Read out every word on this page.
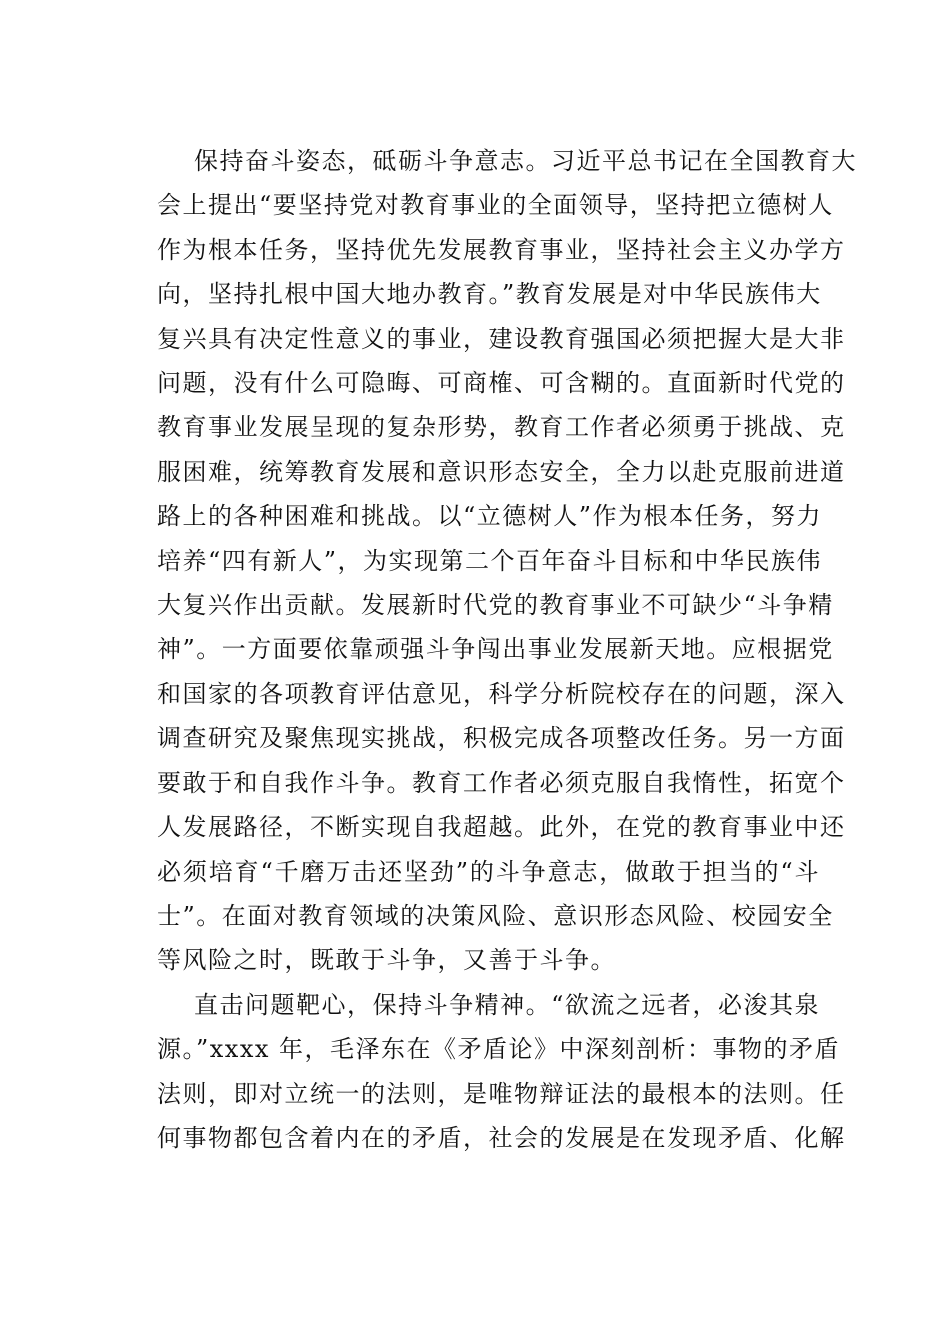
保持奋斗姿态，砥砺斗争意志。习近平总书记在全国教育大
会上提出“要坚持党对教育事业的全面领导，坚持把立德树人
作为根本任务，坚持优先发展教育事业，坚持社会主义办学方
向，坚持扎根中国大地办教育。”教育发展是对中华民族伟大
复兴具有决定性意义的事业，建设教育强国必须把握大是大非
问题，没有什么可隐晦、可商榷、可含糊的。直面新时代党的
教育事业发展呈现的复杂形势，教育工作者必须勇于挑战、克
服困难，统筹教育发展和意识形态安全，全力以赴克服前进道
路上的各种困难和挑战。以“立德树人”作为根本任务，努力
培养“四有新人”，为实现第二个百年奋斗目标和中华民族伟
大复兴作出贡献。发展新时代党的教育事业不可缺少“斗争精
神”。一方面要依靠顽强斗争闯出事业发展新天地。应根据党
和国家的各项教育评估意见，科学分析院校存在的问题，深入
调查研究及聚焦现实挑战，积极完成各项整改任务。另一方面
要敢于和自我作斗争。教育工作者必须克服自我惰性，拓宽个
人发展路径，不断实现自我超越。此外，在党的教育事业中还
必须培育“千磨万击还坚劲”的斗争意志，做敢于担当的“斗
士”。在面对教育领域的决策风险、意识形态风险、校园安全
等风险之时，既敢于斗争，又善于斗争。
直击问题靶心，保持斗争精神。“欲流之远者，必浚其泉
源。”xxxx 年，毛泽东在《矛盾论》中深刻剖析：事物的矛盾
法则，即对立统一的法则，是唯物辩证法的最根本的法则。任
何事物都包含着内在的矛盾，社会的发展是在发现矛盾、化解
